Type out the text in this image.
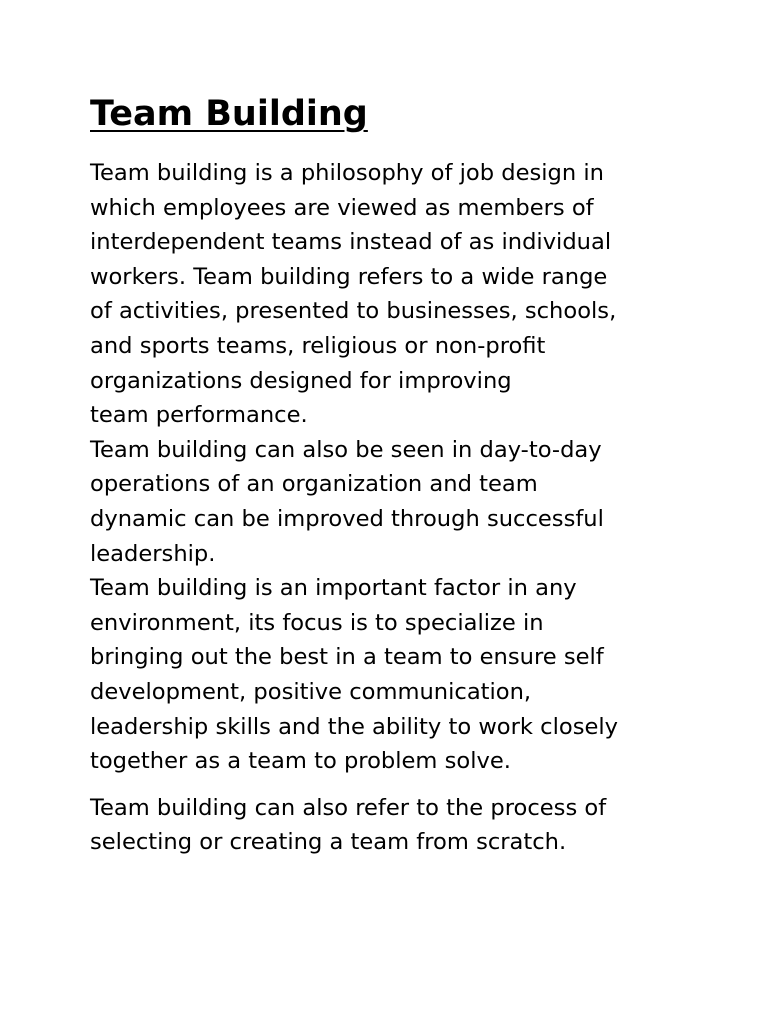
Team Building

Team building is a philosophy of job design in
which employees are viewed as members of
interdependent teams instead of as individual
workers. Team building refers to a wide range
of activities, presented to businesses, schools,
and sports teams, religious or non-profit
organizations designed for improving
team performance.

Team building can also be seen in day-to-day
operations of an organization and team
dynamic can be improved through successful
leadership.

Team building is an important factor in any
environment, its focus is to specialize in
bringing out the best in a team to ensure self
development, positive communication,
leadership skills and the ability to work closely
together as a team to problem solve.

Team building can also refer to the process of
selecting or creating a team from scratch.
